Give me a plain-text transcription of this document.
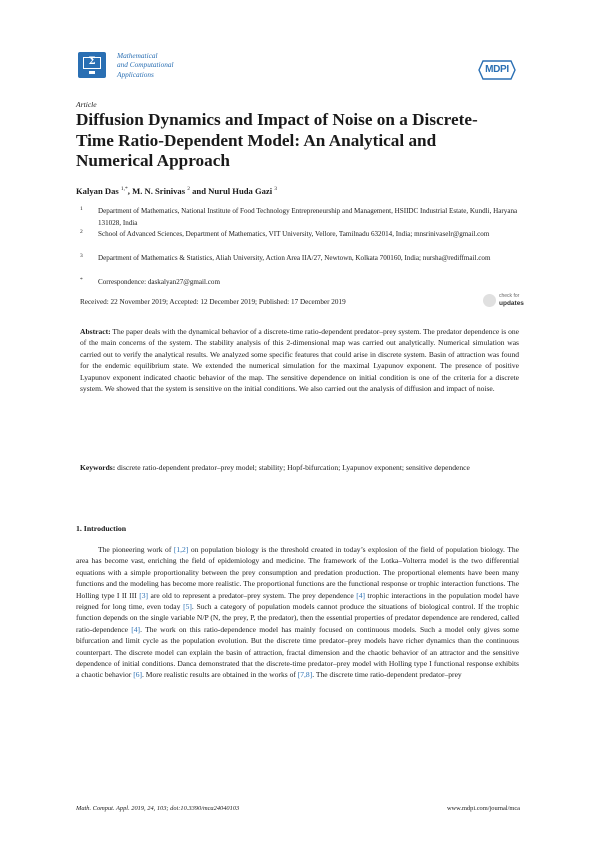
Σ
Mathematical
and Computational
Applications	MDPI
Article
Diffusion Dynamics and Impact of Noise on a Discrete-Time Ratio-Dependent Model: An Analytical and Numerical Approach
Kalyan Das $^{1,*}$, M. N. Srinivas $^2$ and Nurul Huda Gazi $^3$
1 Department of Mathematics, National Institute of Food Technology Entrepreneurship and Management, HSIIDC Industrial Estate, Kundli, Haryana 131028, India
2 School of Advanced Sciences, Department of Mathematics, VIT University, Vellore, Tamilnadu 632014, India; mnsrinivaselr@gmail.com
3 Department of Mathematics & Statistics, Aliah University, Action Area IIA/27, Newtown, Kolkata 700160, India; nursha@rediffmail.com
* Correspondence: daskalyan27@gmail.com
Received: 22 November 2019; Accepted: 12 December 2019; Published: 17 December 2019
check for
updates
Abstract: The paper deals with the dynamical behavior of a discrete-time ratio-dependent predator–prey system. The predator dependence is one of the main concerns of the system. The stability analysis of this 2-dimensional map was carried out analytically. Numerical simulation was carried out to verify the analytical results. We analyzed some specific features that could arise in discrete system. Basin of attraction was found for the endemic equilibrium state. We extended the numerical simulation for the maximal Lyapunov exponent. The presence of positive Lyapunov exponent indicated chaotic behavior of the map. The sensitive dependence on initial condition is one of the criteria for a discrete system. We showed that the system is sensitive on the initial conditions. We also carried out the analysis of diffusion and impact of noise.
Keywords: discrete ratio-dependent predator–prey model; stability; Hopf-bifurcation; Lyapunov exponent; sensitive dependence
1. Introduction
The pioneering work of [1,2] on population biology is the threshold created in today’s explosion of the field of population biology. The area has become vast, enriching the field of epidemiology and medicine. The framework of the Lotka–Volterra model is the two differential equations with a simple proportionality between the prey consumption and predation production. The proportional elements have been many functions and the modeling has become more realistic. The proportional functions are the functional response or trophic interaction functions. The Holling type I II III [3] are old to represent a predator–prey system. The prey dependence [4] trophic interactions in the population model have reigned for long time, even today [5]. Such a category of population models cannot produce the situations of biological control. If the trophic function depends on the single variable N/P (N, the prey, P, the predator), then the essential properties of predator dependence are rendered, called ratio-dependence [4]. The work on this ratio-dependence model has mainly focused on continuous models. Such a model only gives some bifurcation and limit cycle as the population evolution. But the discrete time predator–prey models have richer dynamics than the continuous counterpart. The discrete model can explain the basin of attraction, fractal dimension and the chaotic behavior of an attractor and the sensitive dependence of initial conditions. Danca demonstrated that the discrete-time predator–prey model with Holling type I functional response exhibits a chaotic behavior [6]. More realistic results are obtained in the works of [7,8]. The discrete time ratio-dependent predator–prey
Math. Comput. Appl. 2019, 24, 103; doi:10.3390/mca24040103	www.mdpi.com/journal/mca
